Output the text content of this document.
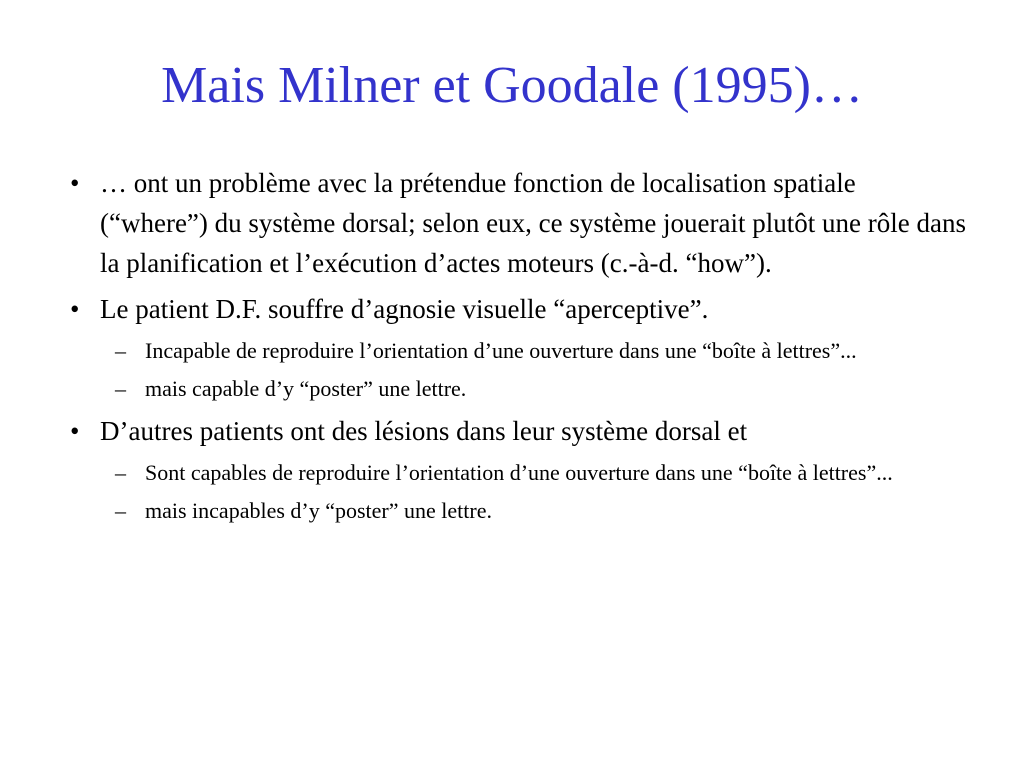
Mais Milner et Goodale (1995)…
• … ont un problème avec la prétendue fonction de localisation spatiale (“where”) du système dorsal; selon eux, ce système jouerait plutôt une rôle dans la planification et l’exécution d’actes moteurs (c.-à-d. “how”).
• Le patient D.F. souffre d’agnosie visuelle “aperceptive”.
– Incapable de reproduire l’orientation d’une ouverture dans une “boîte à lettres”...
– mais capable d’y “poster” une lettre.
• D’autres patients ont des lésions dans leur système dorsal et
– Sont capables de reproduire l’orientation d’une ouverture dans une “boîte à lettres”...
– mais incapables d’y “poster” une lettre.
